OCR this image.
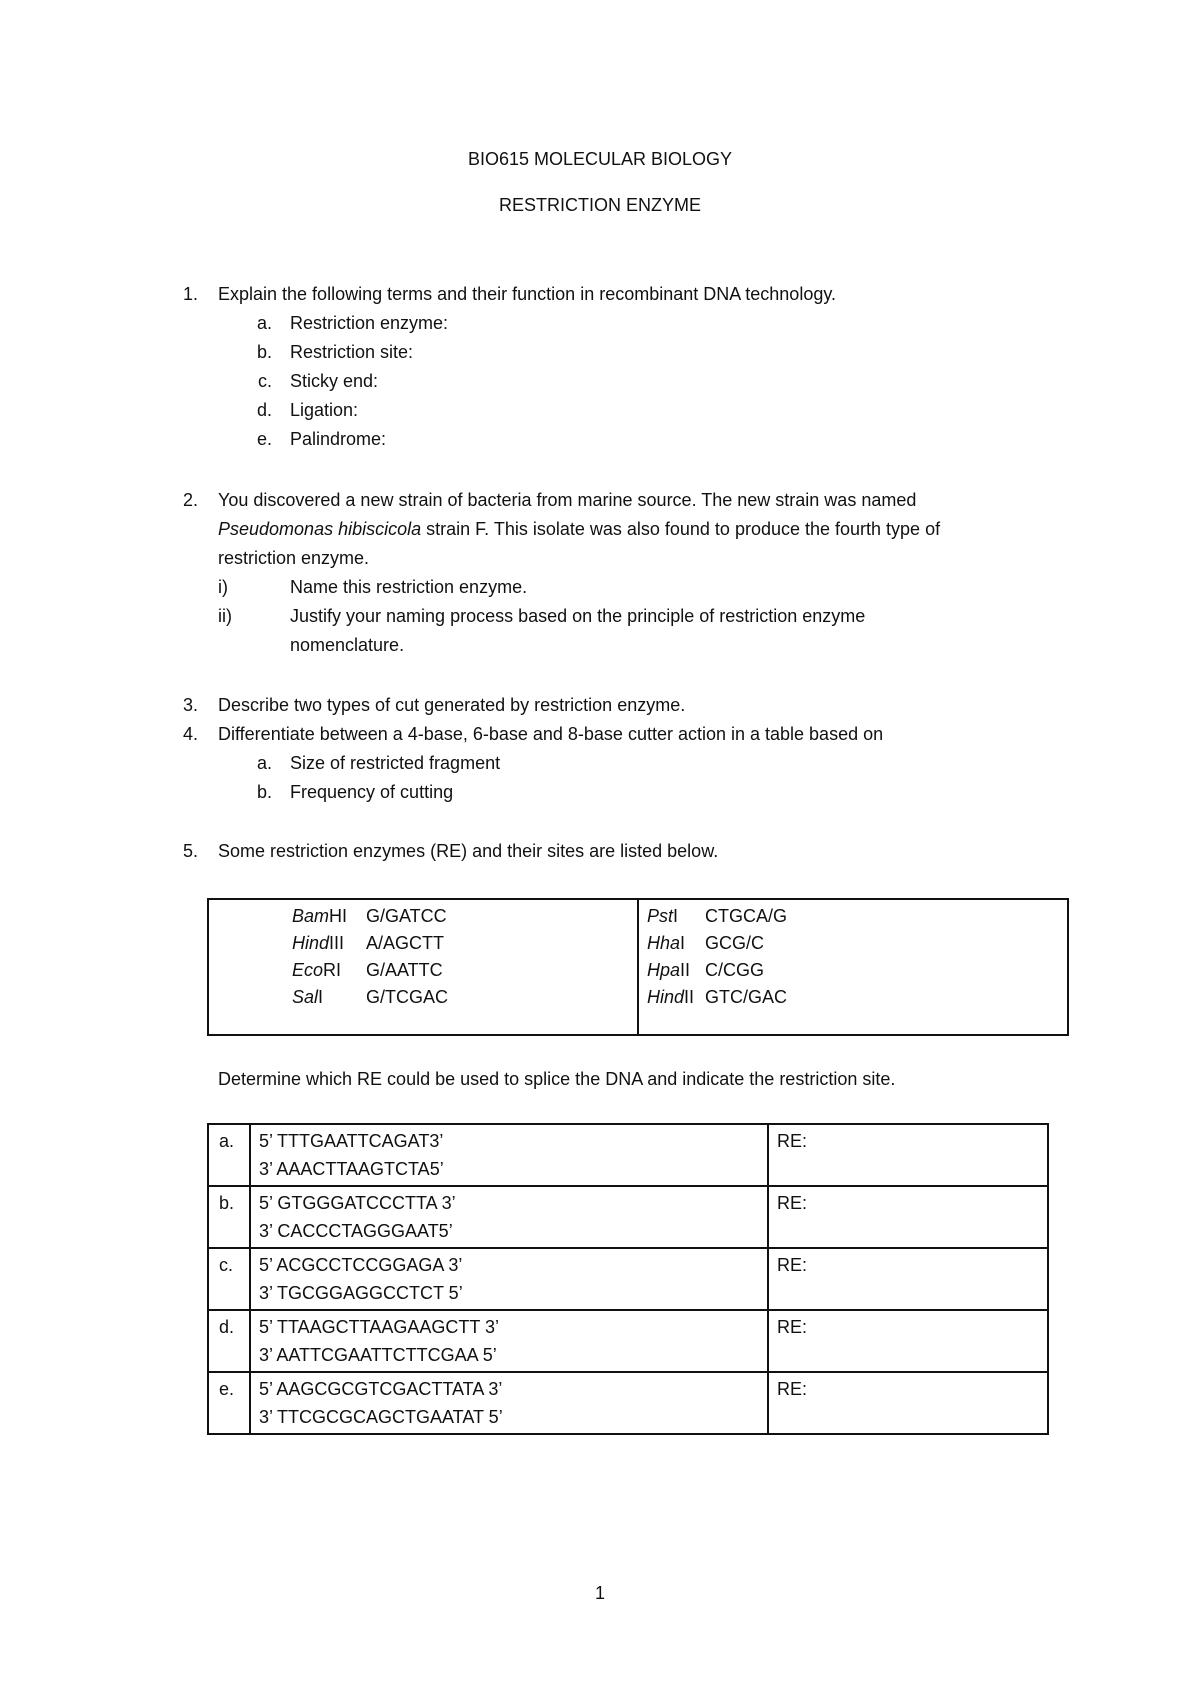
BIO615 MOLECULAR BIOLOGY
RESTRICTION ENZYME
1. Explain the following terms and their function in recombinant DNA technology.
a. Restriction enzyme:
b. Restriction site:
c. Sticky end:
d. Ligation:
e. Palindrome:
2. You discovered a new strain of bacteria from marine source. The new strain was named
Pseudomonas hibiscicola strain F. This isolate was also found to produce the fourth type of
restriction enzyme.
i)	Name this restriction enzyme.
ii)	Justify your naming process based on the principle of restriction enzyme
nomenclature.
3. Describe two types of cut generated by restriction enzyme.
4. Differentiate between a 4-base, 6-base and 8-base cutter action in a table based on
a. Size of restricted fragment
b. Frequency of cutting
5. Some restriction enzymes (RE) and their sites are listed below.
BamHI G/GATCC
HindIII A/AGCTT
EcoRI G/AATTC
SalI G/TCGAC

PstI CTGCA/G
HhaI GCG/C
HpaII C/CGG
HindII GTC/GAC
Determine which RE could be used to splice the DNA and indicate the restriction site.
a.	5’ TTTGAATTCAGAT3’
3’ AAACTTAAGTCTA5’	RE:
b.	5’ GTGGGATCCCTTA 3’
3’ CACCCTAGGGAAT5’	RE:
c.	5’ ACGCCTCCGGAGA 3’
3’ TGCGGAGGCCTCT 5’	RE:
d.	5’ TTAAGCTTAAGAAGCTT 3’
3’ AATTCGAATTCTTCGAA 5’	RE:
e.	5’ AAGCGCGTCGACTTATA 3’
3’ TTCGCGCAGCTGAATAT 5’	RE:
1
